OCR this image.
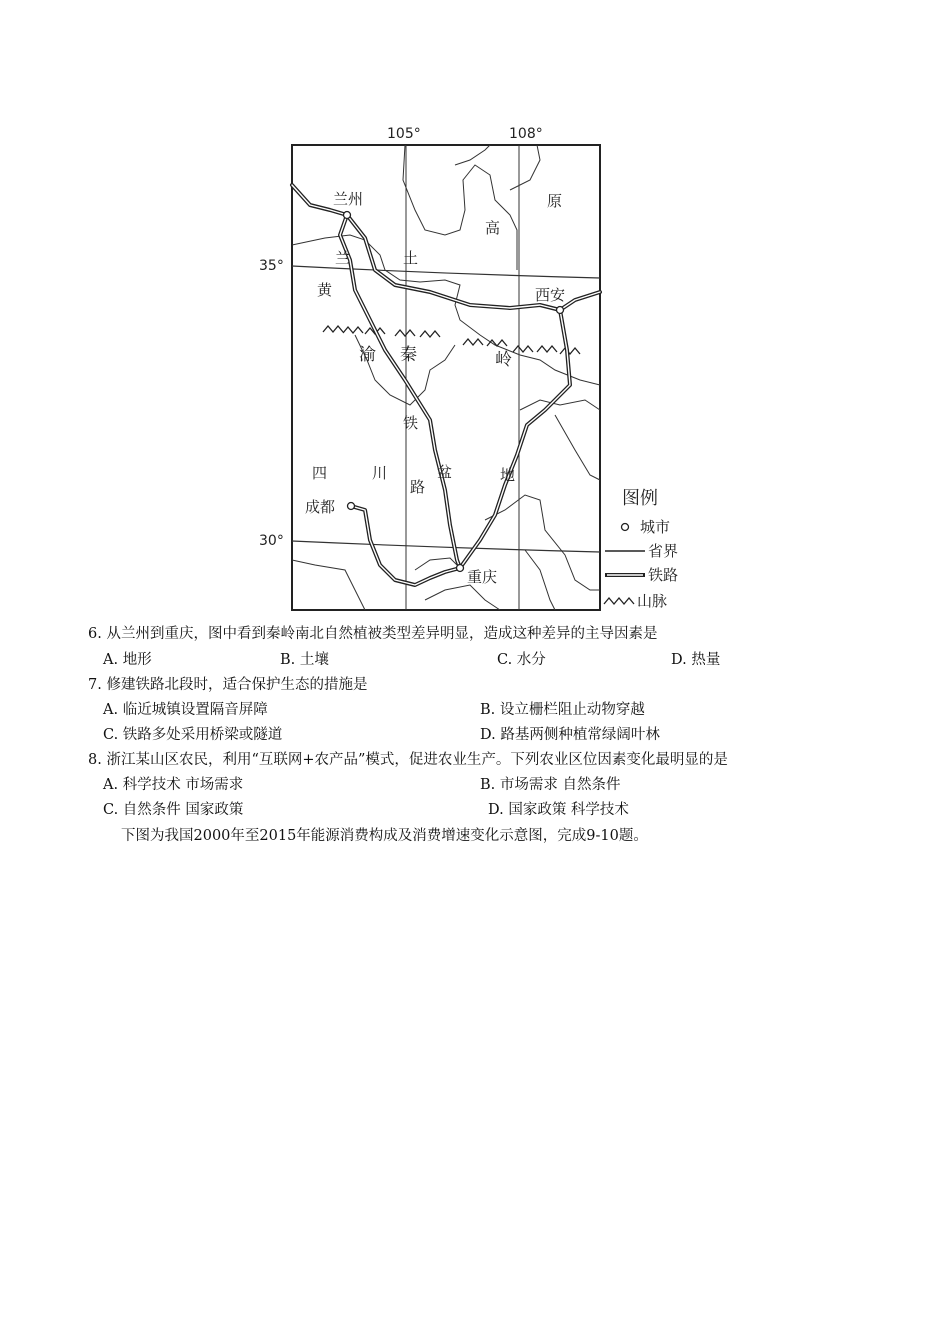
105°	108°
35°
30°
兰州
西安
成都
重庆
高
原
兰	土
黄
渝 秦	岭
铁
路
盆	地
四	川
图例
城市
省界
铁路
山脉
6. 从兰州到重庆，图中看到秦岭南北自然植被类型差异明显，造成这种差异的主导因素是
A. 地形	B. 土壤	C. 水分	D. 热量
7. 修建铁路北段时，适合保护生态的措施是
A. 临近城镇设置隔音屏障	B. 设立栅栏阻止动物穿越
C. 铁路多处采用桥梁或隧道	D. 路基两侧种植常绿阔叶林
8. 浙江某山区农民，利用“互联网+农产品”模式，促进农业生产。下列农业区位因素变化最明显的是
A. 科学技术 市场需求	B. 市场需求 自然条件
C. 自然条件 国家政策	D. 国家政策 科学技术
下图为我国2000年至2015年能源消费构成及消费增速变化示意图，完成9-10题。
